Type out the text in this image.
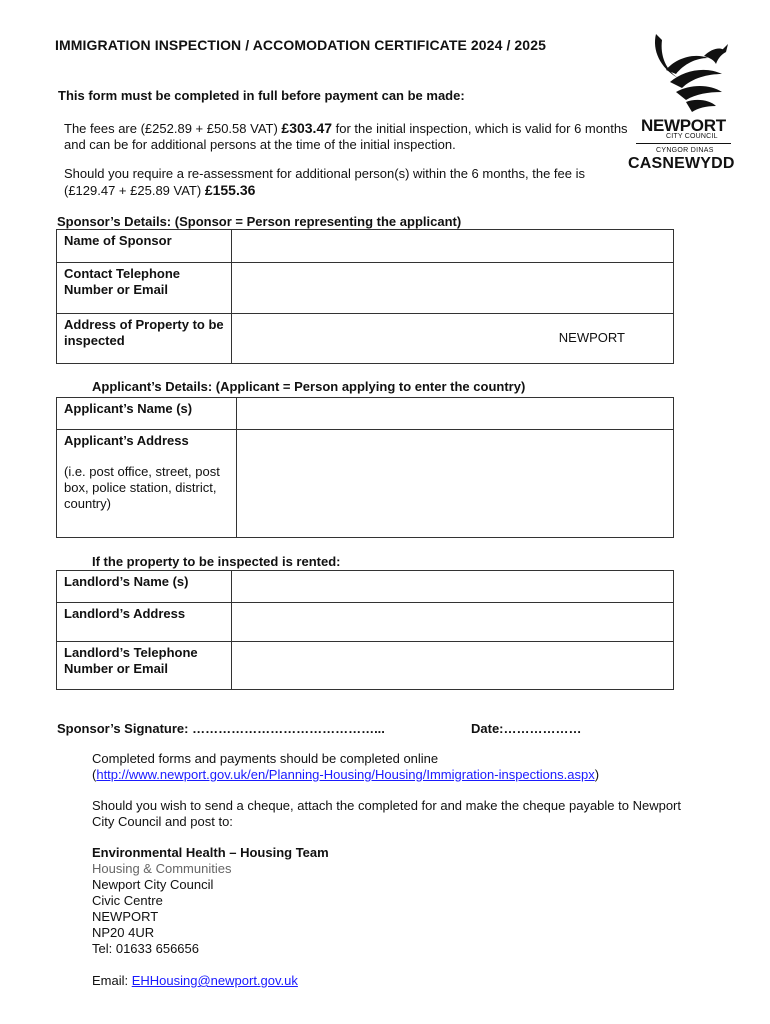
IMMIGRATION INSPECTION / ACCOMODATION CERTIFICATE 2024 / 2025
NEWPORT
CITY COUNCIL
CYNGOR DINAS
CASNEWYDD
This form must be completed in full before payment can be made:
The fees are (£252.89 + £50.58 VAT) £303.47 for the initial inspection, which is valid for 6 months and can be for additional persons at the time of the initial inspection.
Should you require a re-assessment for additional person(s) within the 6 months, the fee is (£129.47 + £25.89 VAT) £155.36
Sponsor’s Details: (Sponsor = Person representing the applicant)
Name of Sponsor	
Contact Telephone Number or Email	
Address of Property to be inspected	NEWPORT
Applicant’s Details: (Applicant = Person applying to enter the country)
Applicant’s Name (s)	
Applicant’s Address
(i.e. post office, street, post box, police station, district, country)	

If the property to be inspected is rented:
Landlord’s Name (s)	
Landlord’s Address	
Landlord’s Telephone Number or Email	
Sponsor’s Signature: ……………………………………...	Date:………………
Completed forms and payments should be completed online
(http://www.newport.gov.uk/en/Planning-Housing/Housing/Immigration-inspections.aspx)
Should you wish to send a cheque, attach the completed for and make the cheque payable to Newport City Council and post to:
Environmental Health – Housing Team
Housing & Communities
Newport City Council
Civic Centre
NEWPORT
NP20 4UR
Tel: 01633 656656
Email: EHHousing@newport.gov.uk
